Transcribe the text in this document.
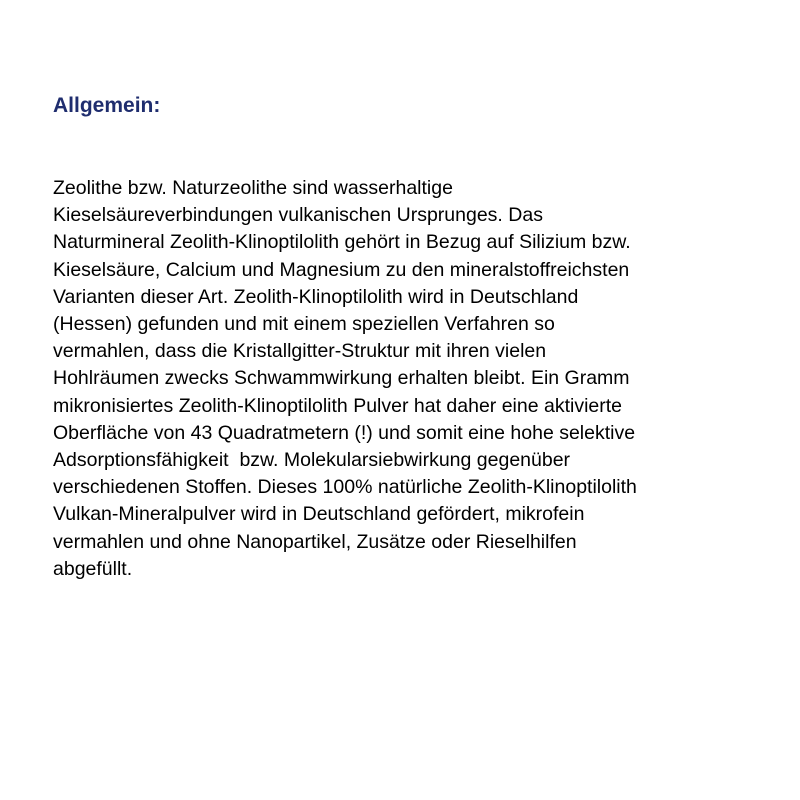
Allgemein:
Zeolithe bzw. Naturzeolithe sind wasserhaltige
Kieselsäureverbindungen vulkanischen Ursprunges. Das
Naturmineral Zeolith-Klinoptilolith gehört in Bezug auf Silizium bzw.
Kieselsäure, Calcium und Magnesium zu den mineralstoffreichsten
Varianten dieser Art. Zeolith-Klinoptilolith wird in Deutschland
(Hessen) gefunden und mit einem speziellen Verfahren so
vermahlen, dass die Kristallgitter-Struktur mit ihren vielen
Hohlräumen zwecks Schwammwirkung erhalten bleibt. Ein Gramm
mikronisiertes Zeolith-Klinoptilolith Pulver hat daher eine aktivierte
Oberfläche von 43 Quadratmetern (!) und somit eine hohe selektive
Adsorptionsfähigkeit  bzw. Molekularsiebwirkung gegenüber
verschiedenen Stoffen. Dieses 100% natürliche Zeolith-Klinoptilolith
Vulkan-Mineralpulver wird in Deutschland gefördert, mikrofein
vermahlen und ohne Nanopartikel, Zusätze oder Rieselhilfen
abgefüllt.
